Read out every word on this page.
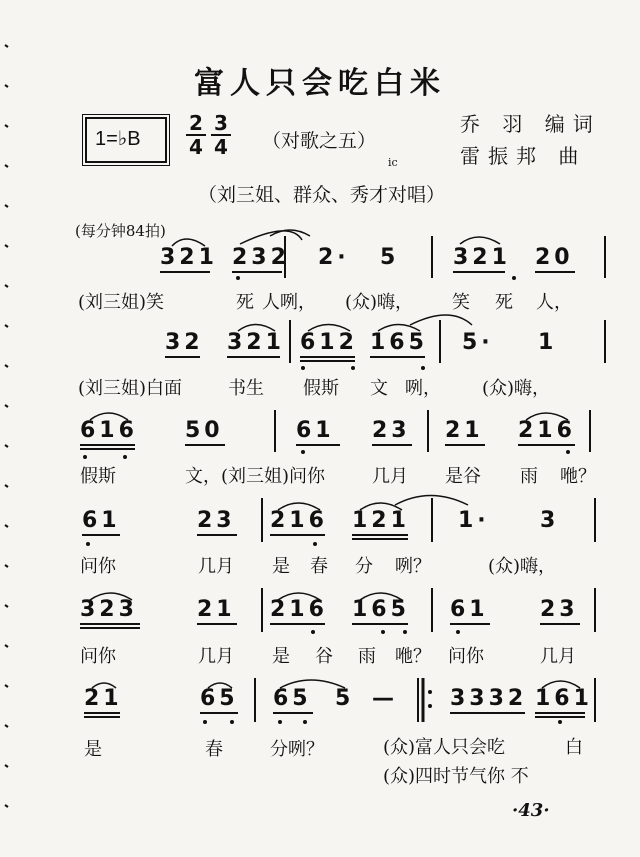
富人只会吃白米
1=♭B $\frac{2}{4} \frac{3}{4}$ （对歌之五）
乔 羽 编词
雷振邦 曲
ic
（刘三姐、群众、秀才对唱）
(每分钟84拍)
321 232 2· 5 321 20
(刘三姐)笑	死 人咧， (众)嗨， 笑 死 人，
32 321 612 165 5· 1
(刘三姐)白面	书生 假斯 文 咧， (众)嗨，
616 50	61 23 21 216
假斯	文，(刘三姐)问你	几月 是谷 雨 咃？
61	23 216 121 1· 3
问你	几月 是 春 分 咧？	(众)嗨，
323	21 216 165 61 23
问你	几月 是 谷 雨 咃？ 问你	几月
21	65 65 5 — 3332 161
是	春	分咧？	(众)富人只会吃	白
(众)四时节气你 不
·43·
